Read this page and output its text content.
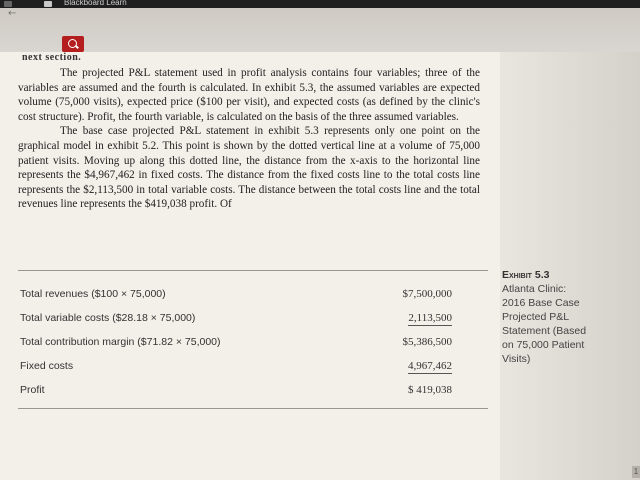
Blackboard Learn
←
next section.

The projected P&L statement used in profit analysis contains four variables; three of the variables are assumed and the fourth is calculated. In exhibit 5.3, the assumed variables are expected volume (75,000 visits), expected price ($100 per visit), and expected costs (as defined by the clinic's cost structure). Profit, the fourth variable, is calculated on the basis of the three assumed variables.

The base case projected P&L statement in exhibit 5.3 represents only one point on the graphical model in exhibit 5.2. This point is shown by the dotted vertical line at a volume of 75,000 patient visits. Moving up along this dotted line, the distance from the x-axis to the horizontal line represents the $4,967,462 in fixed costs. The distance from the fixed costs line to the total costs line represents the $2,113,500 in total variable costs. The distance between the total costs line and the total revenues line represents the $419,038 profit. Of

Total revenues ($100 × 75,000)	$7,500,000
Total variable costs ($28.18 × 75,000)	2,113,500
Total contribution margin ($71.82 × 75,000)	$5,386,500
Fixed costs	4,967,462
Profit	$ 419,038
Exhibit 5.3
Atlanta Clinic:
2016 Base Case
Projected P&L
Statement (Based
on 75,000 Patient
Visits)
1
